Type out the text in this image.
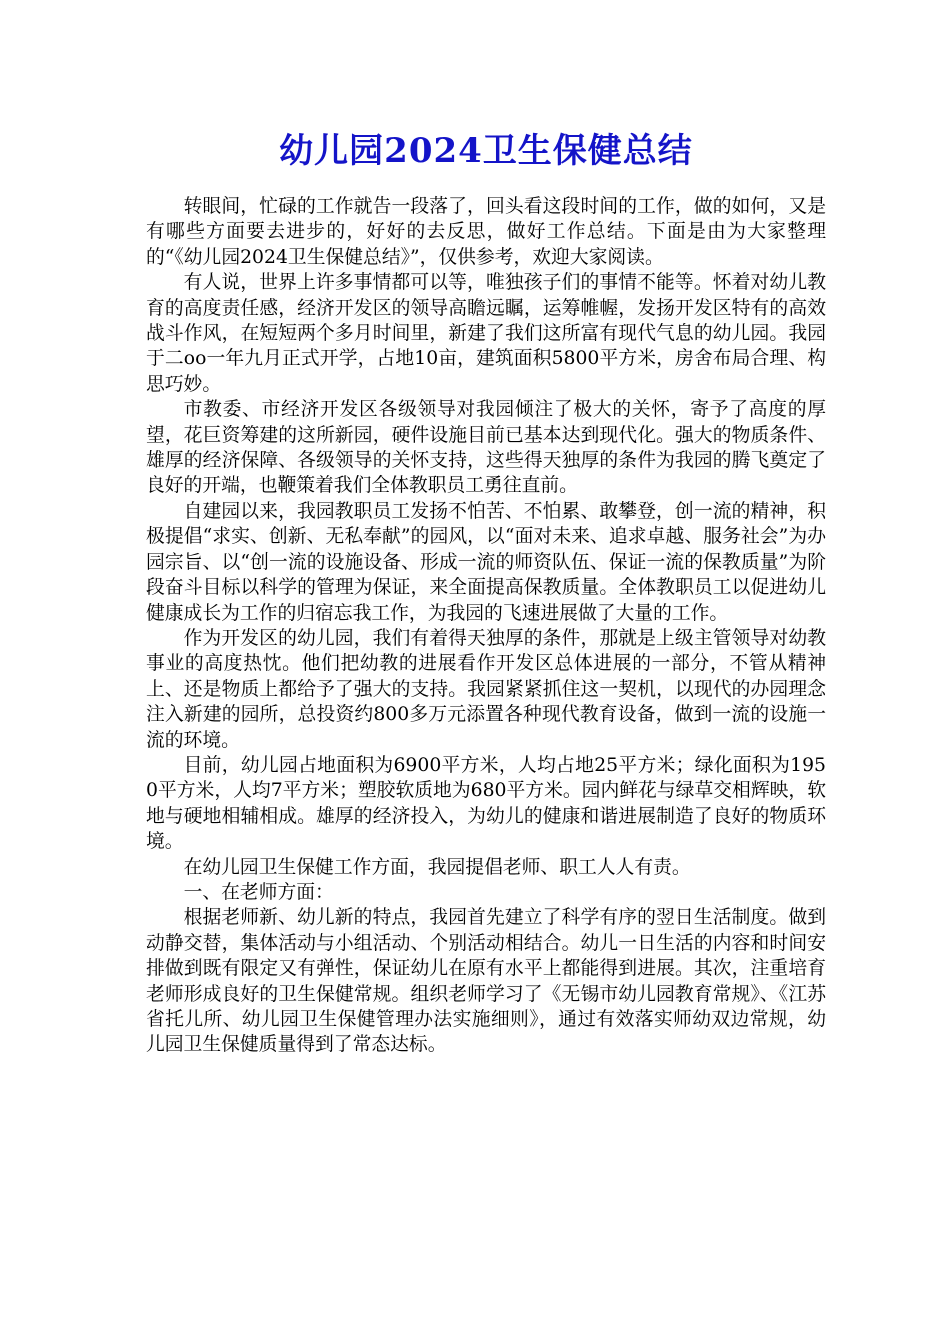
幼儿园2024卫生保健总结

转眼间，忙碌的工作就告一段落了，回头看这段时间的工作，做的如何，又是有哪些方面要去进步的，好好的去反思，做好工作总结。下面是由为大家整理的“《幼儿园2024卫生保健总结》”，仅供参考，欢迎大家阅读。

有人说，世界上许多事情都可以等，唯独孩子们的事情不能等。怀着对幼儿教育的高度责任感，经济开发区的领导高瞻远瞩，运筹帷幄，发扬开发区特有的高效战斗作风，在短短两个多月时间里，新建了我们这所富有现代气息的幼儿园。我园于二oo一年九月正式开学，占地10亩，建筑面积5800平方米，房舍布局合理、构思巧妙。

市教委、市经济开发区各级领导对我园倾注了极大的关怀，寄予了高度的厚望，花巨资筹建的这所新园，硬件设施目前已基本达到现代化。强大的物质条件、雄厚的经济保障、各级领导的关怀支持，这些得天独厚的条件为我园的腾飞奠定了良好的开端，也鞭策着我们全体教职员工勇往直前。

自建园以来，我园教职员工发扬不怕苦、不怕累、敢攀登，创一流的精神，积极提倡“求实、创新、无私奉献”的园风，以“面对未来、追求卓越、服务社会”为办园宗旨、以“创一流的设施设备、形成一流的师资队伍、保证一流的保教质量”为阶段奋斗目标以科学的管理为保证，来全面提高保教质量。全体教职员工以促进幼儿健康成长为工作的归宿忘我工作，为我园的飞速进展做了大量的工作。

作为开发区的幼儿园，我们有着得天独厚的条件，那就是上级主管领导对幼教事业的高度热忱。他们把幼教的进展看作开发区总体进展的一部分，不管从精神上、还是物质上都给予了强大的支持。我园紧紧抓住这一契机，以现代的办园理念注入新建的园所，总投资约800多万元添置各种现代教育设备，做到一流的设施一流的环境。

目前，幼儿园占地面积为6900平方米，人均占地25平方米；绿化面积为1950平方米，人均7平方米；塑胶软质地为680平方米。园内鲜花与绿草交相辉映，软地与硬地相辅相成。雄厚的经济投入，为幼儿的健康和谐进展制造了良好的物质环境。

在幼儿园卫生保健工作方面，我园提倡老师、职工人人有责。

一、在老师方面：

根据老师新、幼儿新的特点，我园首先建立了科学有序的翌日生活制度。做到动静交替，集体活动与小组活动、个别活动相结合。幼儿一日生活的内容和时间安排做到既有限定又有弹性，保证幼儿在原有水平上都能得到进展。其次，注重培育老师形成良好的卫生保健常规。组织老师学习了《无锡市幼儿园教育常规》、《江苏省托儿所、幼儿园卫生保健管理办法实施细则》，通过有效落实师幼双边常规，幼儿园卫生保健质量得到了常态达标。
